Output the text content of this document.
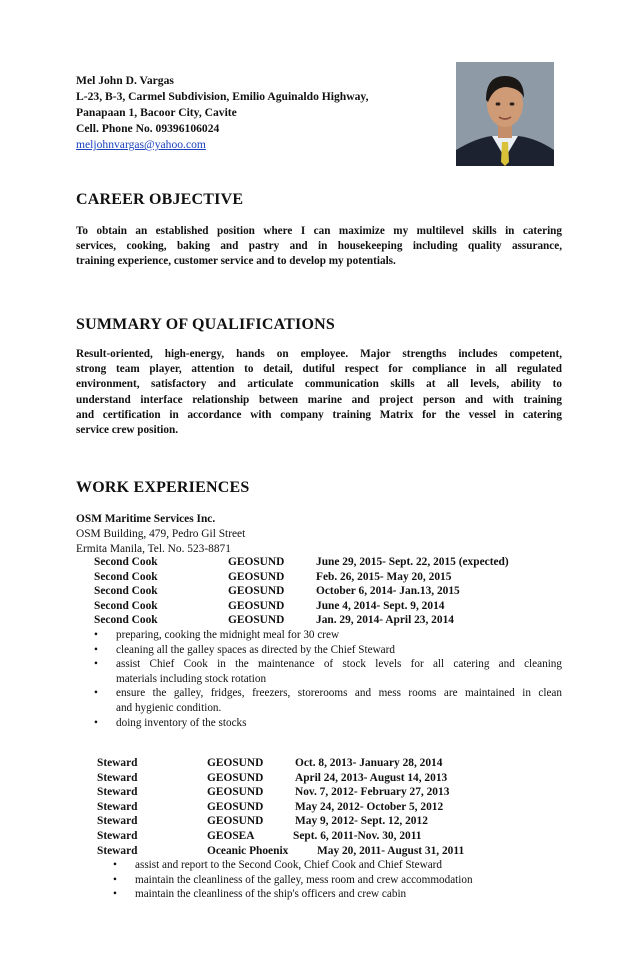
Mel John D. Vargas
L-23, B-3, Carmel Subdivision, Emilio Aguinaldo Highway,
Panapaan 1, Bacoor City, Cavite
Cell. Phone No. 09396106024
meljohnvargas@yahoo.com
CAREER OBJECTIVE
To obtain an established position where I can maximize my multilevel skills in catering
services, cooking, baking and pastry and in housekeeping including quality assurance,
training experience, customer service and to develop my potentials.
SUMMARY OF QUALIFICATIONS
Result-oriented, high-energy, hands on employee. Major strengths includes competent,
strong team player, attention to detail, dutiful respect for compliance in all regulated
environment, satisfactory and articulate communication skills at all levels, ability to
understand interface relationship between marine and project person and with training
and certification in accordance with company training Matrix for the vessel in catering
service crew position.
WORK EXPERIENCES
OSM Maritime Services Inc.
OSM Building, 479, Pedro Gil Street
Ermita Manila, Tel. No. 523-8871
Second Cook	GEOSUND	June 29, 2015- Sept. 22, 2015 (expected)
Second Cook	GEOSUND	Feb. 26, 2015- May 20, 2015
Second Cook	GEOSUND	October 6, 2014- Jan.13, 2015
Second Cook	GEOSUND	June 4, 2014- Sept. 9, 2014
Second Cook	GEOSUND	Jan. 29, 2014- April 23, 2014
• preparing, cooking the midnight meal for 30 crew
• cleaning all the galley spaces as directed by the Chief Steward
• assist Chief Cook in the maintenance of stock levels for all catering and cleaning
materials including stock rotation
• ensure the galley, fridges, freezers, storerooms and mess rooms are maintained in clean
and hygienic condition.
• doing inventory of the stocks
Steward	GEOSUND	Oct. 8, 2013- January 28, 2014
Steward	GEOSUND	April 24, 2013- August 14, 2013
Steward	GEOSUND	Nov. 7, 2012- February 27, 2013
Steward	GEOSUND	May 24, 2012- October 5, 2012
Steward	GEOSUND	May 9, 2012- Sept. 12, 2012
Steward	GEOSEA	Sept. 6, 2011-Nov. 30, 2011
Steward	Oceanic Phoenix	May 20, 2011- August 31, 2011
• assist and report to the Second Cook, Chief Cook and Chief Steward
• maintain the cleanliness of the galley, mess room and crew accommodation
• maintain the cleanliness of the ship's officers and crew cabin
